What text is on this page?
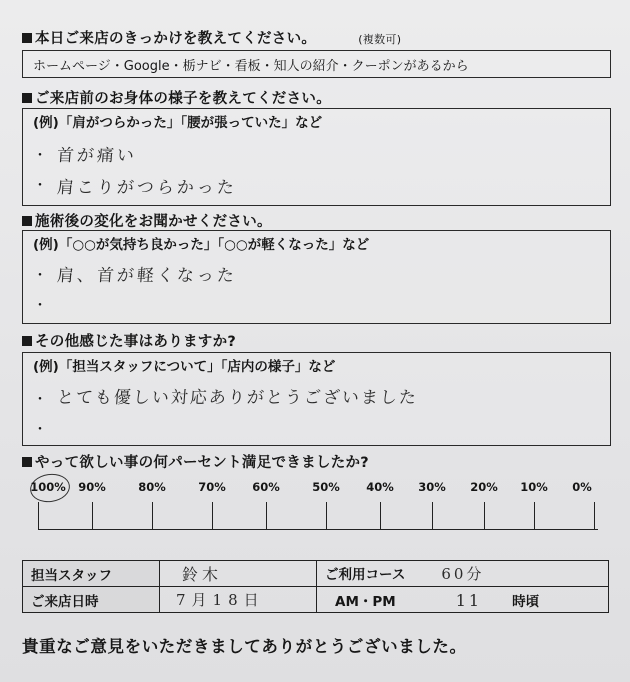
本日ご来店のきっかけを教えてください。	(複数可)
ホームページ・Google・栃ナビ・看板・知人の紹介・クーポンがあるから
ご来店前のお身体の様子を教えてください。
(例)「肩がつらかった」「腰が張っていた」など
・
・
首が痛い
肩こりがつらかった
施術後の変化をお聞かせください。
(例)「○○が気持ち良かった」「○○が軽くなった」など
・
・
肩、首が軽くなった
その他感じた事はありますか?
(例)「担当スタッフについて」「店内の様子」など
・
・
とても優しい対応ありがとうございました
やって欲しい事の何パーセント満足できましたか?
100% 90%	80%	70% 60%	50% 40% 30% 20% 10% 0%
担当スタッフ	鈴木	ご利用コース 60分
ご来店日時	7月18日	AM・PM 11 時頃
貴重なご意見をいただきましてありがとうございました。
